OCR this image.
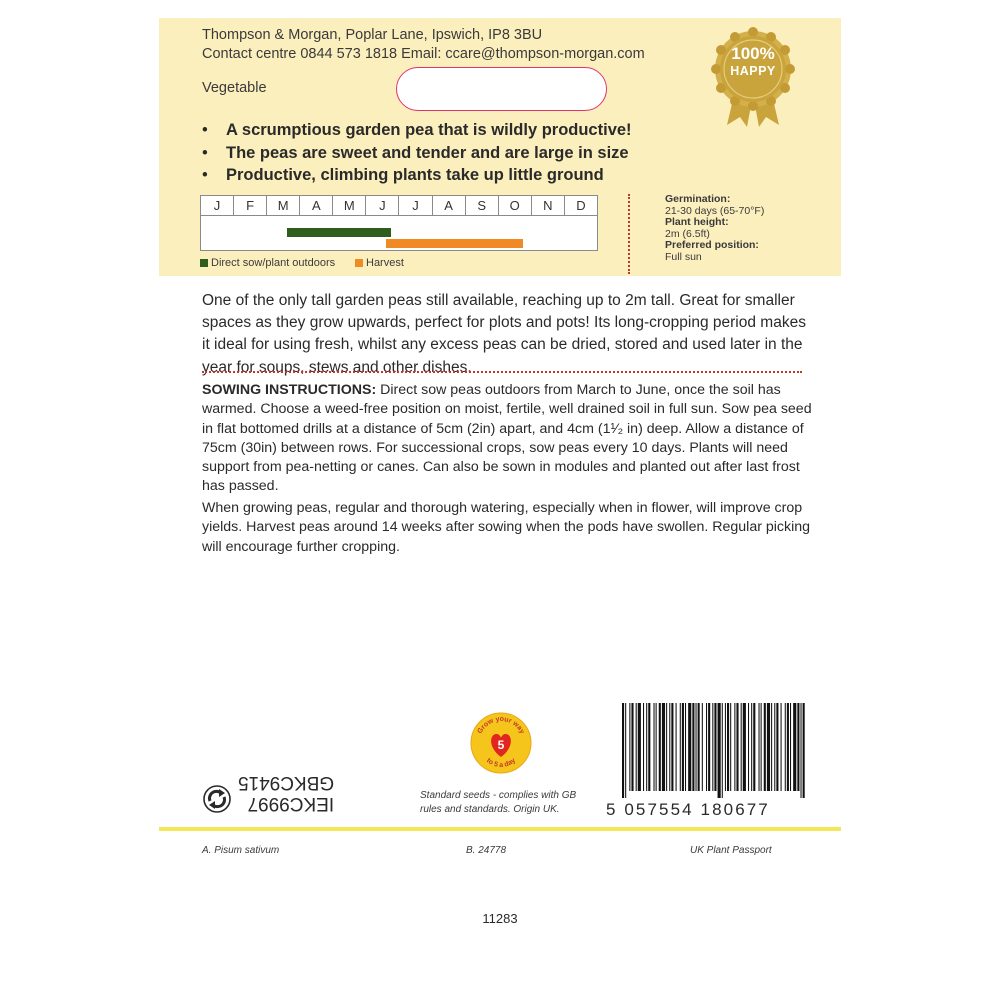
Thompson & Morgan, Poplar Lane, Ipswich, IP8 3BU
Contact centre 0844 573 1818 Email: ccare@thompson-morgan.com
Vegetable
100%
HAPPY
• A scrumptious garden pea that is wildly productive!
• The peas are sweet and tender and are large in size
• Productive, climbing plants take up little ground
J	F	M	A	M	J	J	A	S	O	N	D
Direct sow/plant outdoors	Harvest
Germination:
21-30 days (65-70°F)
Plant height:
2m (6.5ft)
Preferred position:
Full sun

One of the only tall garden peas still available, reaching up to 2m tall. Great for smaller spaces as they grow upwards, perfect for plots and pots! Its long-cropping period makes it ideal for using fresh, whilst any excess peas can be dried, stored and used later in the year for soups, stews and other dishes.

SOWING INSTRUCTIONS: Direct sow peas outdoors from March to June, once the soil has warmed. Choose a weed-free position on moist, fertile, well drained soil in full sun. Sow pea seed in flat bottomed drills at a distance of 5cm (2in) apart, and 4cm (1¹⁄₂ in) deep. Allow a distance of 75cm (30in) between rows. For successional crops, sow peas every 10 days. Plants will need support from pea-netting or canes. Can also be sown in modules and planted out after last frost has passed.

When growing peas, regular and thorough watering, especially when in flower, will improve crop yields. Harvest peas around 14 weeks after sowing when the pods have swollen. Regular picking will encourage further cropping.

5
Grow your way
to 5 a day
Standard seeds - complies with GB
rules and standards. Origin UK.
IEKC9997
GBKC9415
5 057554 180677
A. Pisum sativum	B. 24778	UK Plant Passport
11283
